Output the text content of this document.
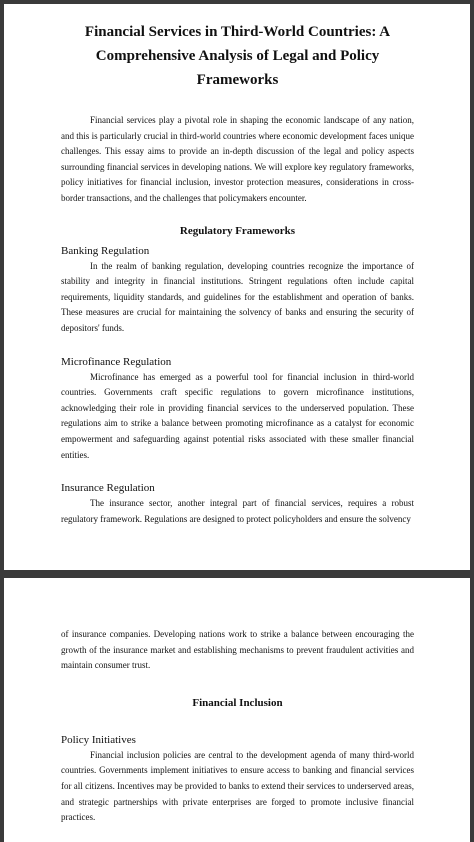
Financial Services in Third-World Countries: A
Comprehensive Analysis of Legal and Policy Frameworks

Financial services play a pivotal role in shaping the economic landscape of any nation, and this is particularly crucial in third-world countries where economic development faces unique challenges. This essay aims to provide an in-depth discussion of the legal and policy aspects surrounding financial services in developing nations. We will explore key regulatory frameworks, policy initiatives for financial inclusion, investor protection measures, considerations in cross-border transactions, and the challenges that policymakers encounter.

Regulatory Frameworks
Banking Regulation

In the realm of banking regulation, developing countries recognize the importance of stability and integrity in financial institutions. Stringent regulations often include capital requirements, liquidity standards, and guidelines for the establishment and operation of banks. These measures are crucial for maintaining the solvency of banks and ensuring the security of depositors' funds.

Microfinance Regulation

Microfinance has emerged as a powerful tool for financial inclusion in third-world countries. Governments craft specific regulations to govern microfinance institutions, acknowledging their role in providing financial services to the underserved population. These regulations aim to strike a balance between promoting microfinance as a catalyst for economic empowerment and safeguarding against potential risks associated with these smaller financial entities.

Insurance Regulation

The insurance sector, another integral part of financial services, requires a robust regulatory framework. Regulations are designed to protect policyholders and ensure the solvency

of insurance companies. Developing nations work to strike a balance between encouraging the growth of the insurance market and establishing mechanisms to prevent fraudulent activities and maintain consumer trust.

Financial Inclusion
Policy Initiatives

Financial inclusion policies are central to the development agenda of many third-world countries. Governments implement initiatives to ensure access to banking and financial services for all citizens. Incentives may be provided to banks to extend their services to underserved areas, and strategic partnerships with private enterprises are forged to promote inclusive financial practices.
